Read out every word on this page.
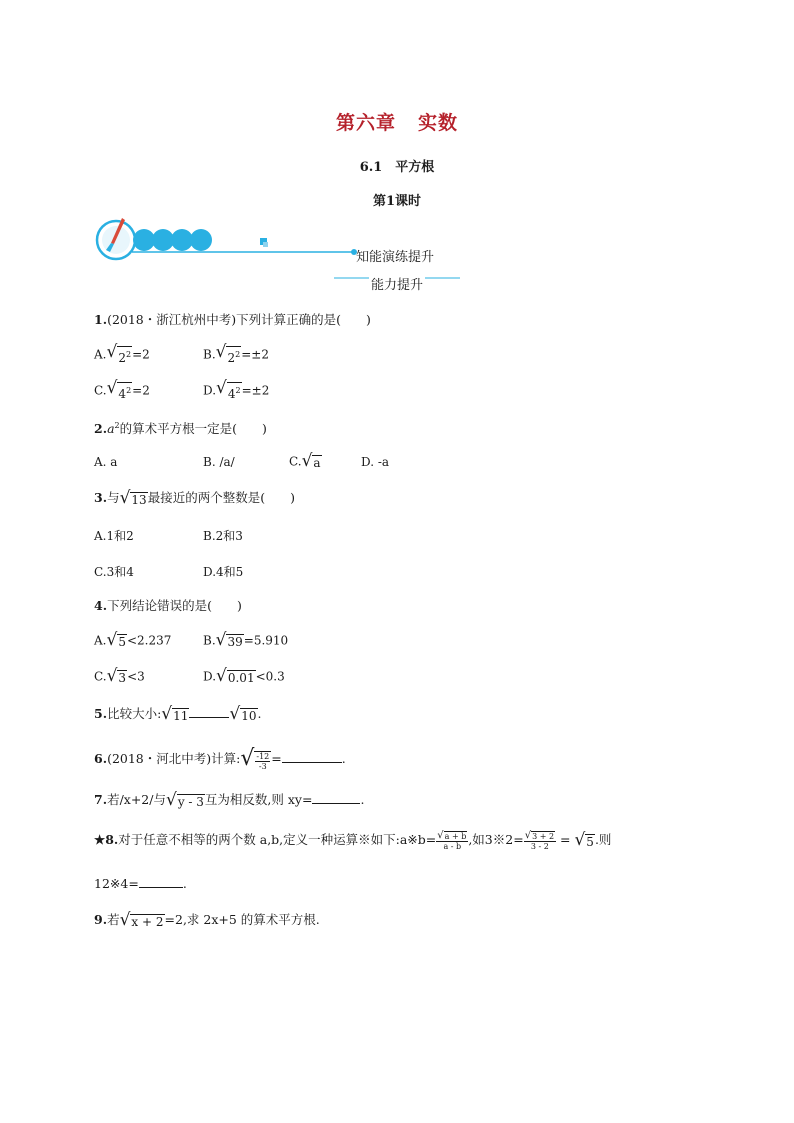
第六章 实数
6.1　平方根
第1课时
知能演练提升
能力提升
1.(2018・浙江杭州中考)下列计算正确的是(　　)
A. √ $2^2 =2$	B. √ $2^2 =\pm 2$
C. √ $4^2 =2$	D. √ $4^2 =\pm 2$
$2.a^2$的算术平方根一定是(　　)
A. a	B. /a/	C. √ a	D. -a
3.与 √ 13 最接近的两个整数是(　　)
A.1和2	B.2和3
C.3和4	D.4和5
4.下列结论错误的是(　　)
A. √ 5 <2.237	B. √ 39 =5.910
C. √ 3 <3	D. √ 0.01 <0.3
5.比较大小: √ 11 √ 10 .
6.(2018・河北中考)计算: √ $\frac{-12}{-3}$ =	.
7.若/x+2/与 √ y - 3 互为相反数,则 xy=	.
★8.对于任意不相等的两个数 a,b,定义一种运算※如下:a※b= $\frac{√ a + b}{a - b}$ ,如3※2= $\frac{√ 3 + 2}{3 - 2}$ = √ 5 .则
12※4=	.
9.若 √ x + 2 =2,求 2x+5 的算术平方根.
